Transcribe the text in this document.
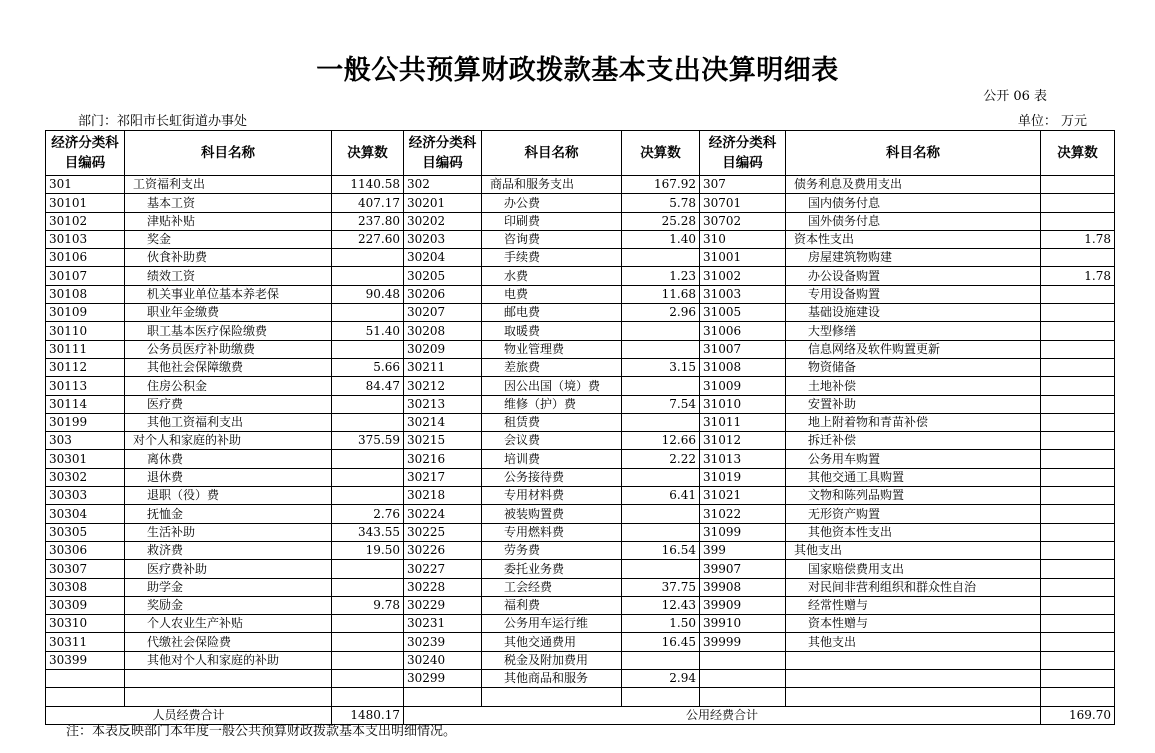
一般公共预算财政拨款基本支出决算明细表
公开 06 表
部门：祁阳市长虹街道办事处	单位： 万元
经济分类科目编码	科目名称	决算数	经济分类科目编码	科目名称	决算数	经济分类科目编码	科目名称	决算数
301	工资福利支出	1140.58	302	商品和服务支出	167.92	307	债务利息及费用支出	
30101	基本工资	407.17	30201	办公费	5.78	30701	国内债务付息	
30102	津贴补贴	237.80	30202	印刷费	25.28	30702	国外债务付息	
30103	奖金	227.60	30203	咨询费	1.40	310	资本性支出	1.78
30106	伙食补助费		30204	手续费		31001	房屋建筑物购建	
30107	绩效工资		30205	水费	1.23	31002	办公设备购置	1.78
30108	机关事业单位基本养老保	90.48	30206	电费	11.68	31003	专用设备购置	
30109	职业年金缴费		30207	邮电费	2.96	31005	基础设施建设	
30110	职工基本医疗保险缴费	51.40	30208	取暖费		31006	大型修缮	
30111	公务员医疗补助缴费		30209	物业管理费		31007	信息网络及软件购置更新	
30112	其他社会保障缴费	5.66	30211	差旅费	3.15	31008	物资储备	
30113	住房公积金	84.47	30212	因公出国（境）费		31009	土地补偿	
30114	医疗费		30213	维修（护）费	7.54	31010	安置补助	
30199	其他工资福利支出		30214	租赁费		31011	地上附着物和青苗补偿	
303	对个人和家庭的补助	375.59	30215	会议费	12.66	31012	拆迁补偿	
30301	离休费		30216	培训费	2.22	31013	公务用车购置	
30302	退休费		30217	公务接待费		31019	其他交通工具购置	
30303	退职（役）费		30218	专用材料费	6.41	31021	文物和陈列品购置	
30304	抚恤金	2.76	30224	被装购置费		31022	无形资产购置	
30305	生活补助	343.55	30225	专用燃料费		31099	其他资本性支出	
30306	救济费	19.50	30226	劳务费	16.54	399	其他支出	
30307	医疗费补助		30227	委托业务费		39907	国家赔偿费用支出	
30308	助学金		30228	工会经费	37.75	39908	对民间非营利组织和群众性自治	
30309	奖励金	9.78	30229	福利费	12.43	39909	经常性赠与	
30310	个人农业生产补贴		30231	公务用车运行维	1.50	39910	资本性赠与	
30311	代缴社会保险费		30239	其他交通费用	16.45	39999	其他支出	
30399	其他对个人和家庭的补助		30240	税金及附加费用				
			30299	其他商品和服务	2.94			

人员经费合计		1480.17	公用经费合计					169.70
注：本表反映部门本年度一般公共预算财政拨款基本支出明细情况。
